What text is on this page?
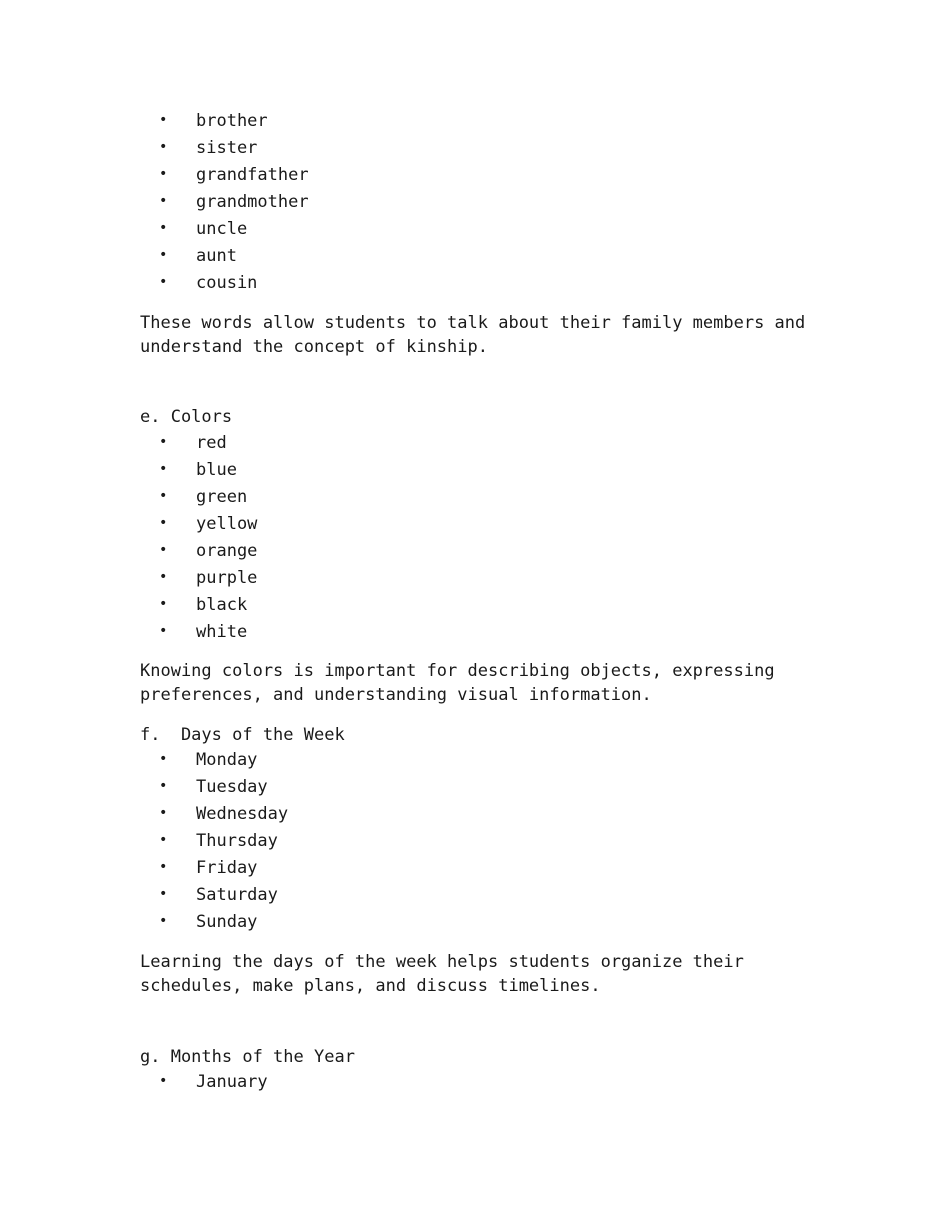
• brother
• sister
• grandfather
• grandmother
• uncle
• aunt
• cousin

These words allow students to talk about their family members and understand the concept of kinship.

e. Colors
• red
• blue
• green
• yellow
• orange
• purple
• black
• white

Knowing colors is important for describing objects, expressing preferences, and understanding visual information.

f.  Days of the Week
• Monday
• Tuesday
• Wednesday
• Thursday
• Friday
• Saturday
• Sunday

Learning the days of the week helps students organize their schedules, make plans, and discuss timelines.

g. Months of the Year
• January
